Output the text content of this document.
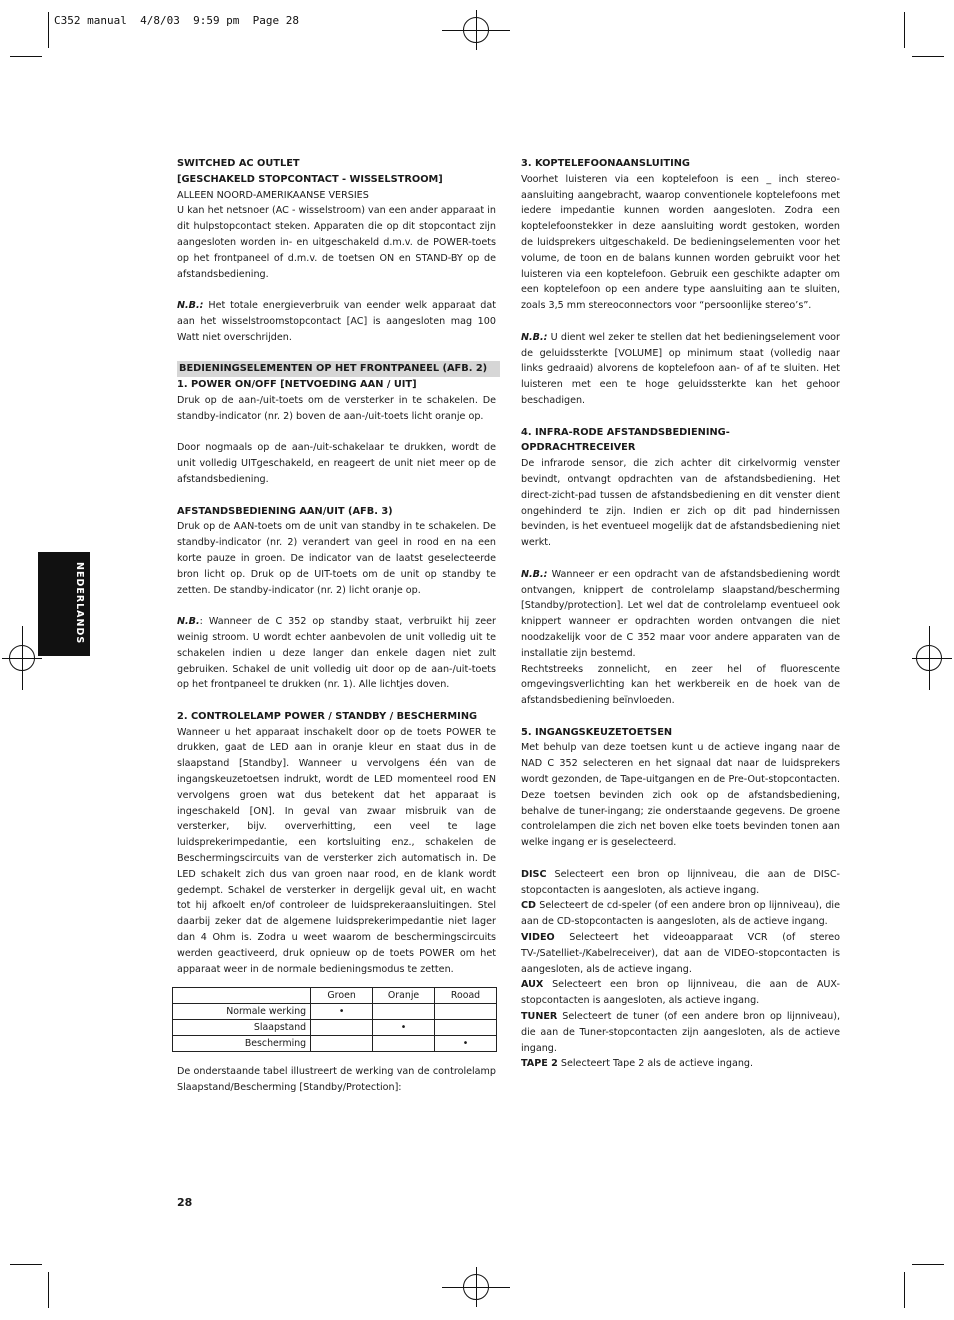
C352 manual  4/8/03  9:59 pm  Page 28
NEDERLANDS

SWITCHED AC OUTLET

[GESCHAKELD STOPCONTACT - WISSELSTROOM]

ALLEEN NOORD-AMERIKAANSE VERSIES

U kan het netsnoer (AC - wisselstroom) van een ander apparaat in dit hulpstopcontact steken. Apparaten die op dit stopcontact zijn aangesloten worden in- en uitgeschakeld d.m.v. de POWER-toets op het frontpaneel of d.m.v. de toetsen ON en STAND-BY op de afstandsbediening.

N.B.: Het totale energieverbruik van eender welk apparaat dat aan het wisselstroomstopcontact [AC] is aangesloten mag 100 Watt niet overschrijden.

BEDIENINGSELEMENTEN OP HET FRONTPANEEL (AFB. 2)

1. POWER ON/OFF [NETVOEDING AAN / UIT]

Druk op de aan-/uit-toets om de versterker in te schakelen. De standby-indicator (nr. 2) boven de aan-/uit-toets licht oranje op.

Door nogmaals op de aan-/uit-schakelaar te drukken, wordt de unit volledig UITgeschakeld, en reageert de unit niet meer op de afstandsbediening.

AFSTANDSBEDIENING AAN/UIT (AFB. 3)

Druk op de AAN-toets om de unit van standby in te schakelen. De standby-indicator (nr. 2) verandert van geel in rood en na een korte pauze in groen. De indicator van de laatst geselecteerde bron licht op. Druk op de UIT-toets om de unit op standby te zetten. De standby-indicator (nr. 2) licht oranje op.

N.B.: Wanneer de C 352 op standby staat, verbruikt hij zeer weinig stroom. U wordt echter aanbevolen de unit volledig uit te schakelen indien u deze langer dan enkele dagen niet zult gebruiken. Schakel de unit volledig uit door op de aan-/uit-toets op het frontpaneel te drukken (nr. 1). Alle lichtjes doven.

2. CONTROLELAMP POWER / STANDBY / BESCHERMING

Wanneer u het apparaat inschakelt door op de toets POWER te drukken, gaat de LED aan in oranje kleur en staat dus in de slaapstand [Standby]. Wanneer u vervolgens één van de ingangskeuzetoetsen indrukt, wordt de LED momenteel rood EN vervolgens groen wat dus betekent dat het apparaat is ingeschakeld [ON]. In geval van zwaar misbruik van de versterker, bijv. oververhitting, een veel te lage luidsprekerimpedantie, een kortsluiting enz., schakelen de Beschermingscircuits van de versterker zich automatisch in. De LED schakelt zich dus van groen naar rood, en de klank wordt gedempt. Schakel de versterker in dergelijk geval uit, en wacht tot hij afkoelt en/of controleer de luidsprekeraansluitingen. Stel daarbij zeker dat de algemene luidsprekerimpedantie niet lager dan 4 Ohm is. Zodra u weet waarom de beschermingscircuits werden geactiveerd, druk opnieuw op de toets POWER om het apparaat weer in de normale bedieningsmodus te zetten.

	Groen	Oranje	Rooad
Normale werking	•		
Slaapstand		•	
Bescherming			•

De onderstaande tabel illustreert de werking van de controlelamp Slaapstand/Bescherming [Standby/Protection]:

3. KOPTELEFOONAANSLUITING

Voorhet luisteren via een koptelefoon is een _ inch stereo-aansluiting aangebracht, waarop conventionele koptelefoons met iedere impedantie kunnen worden aangesloten. Zodra een koptelefoonstekker in deze aansluiting wordt gestoken, worden de luidsprekers uitgeschakeld. De bedieningselementen voor het volume, de toon en de balans kunnen worden gebruikt voor het luisteren via een koptelefoon. Gebruik een geschikte adapter om een koptelefoon op een andere type aansluiting aan te sluiten, zoals 3,5 mm stereoconnectors voor “persoonlijke stereo’s”.

N.B.: U dient wel zeker te stellen dat het bedieningselement voor de geluidssterkte [VOLUME] op minimum staat (volledig naar links gedraaid) alvorens de koptelefoon aan- of af te sluiten. Het luisteren met een te hoge geluidssterkte kan het gehoor beschadigen.

4. INFRA-RODE AFSTANDSBEDIENING-OPDRACHTRECEIVER

De infrarode sensor, die zich achter dit cirkelvormig venster bevindt, ontvangt opdrachten van de afstandsbediening. Het direct-zicht-pad tussen de afstandsbediening en dit venster dient ongehinderd te zijn. Indien er zich op dit pad hindernissen bevinden, is het eventueel mogelijk dat de afstandsbediening niet werkt.

N.B.: Wanneer er een opdracht van de afstandsbediening wordt ontvangen, knippert de controlelamp slaapstand/bescherming [Standby/protection]. Let wel dat de controlelamp eventueel ook knippert wanneer er opdrachten worden ontvangen die niet noodzakelijk voor de C 352 maar voor andere apparaten van de installatie zijn bestemd.

Rechtstreeks zonnelicht, en zeer hel of fluorescente omgevingsverlichting kan het werkbereik en de hoek van de afstandsbediening beïnvloeden.

5. INGANGSKEUZETOETSEN

Met behulp van deze toetsen kunt u de actieve ingang naar de NAD C 352 selecteren en het signaal dat naar de luidsprekers wordt gezonden, de Tape-uitgangen en de Pre-Out-stopcontacten. Deze toetsen bevinden zich ook op de afstandsbediening, behalve de tuner-ingang; zie onderstaande gegevens. De groene controlelampen die zich net boven elke toets bevinden tonen aan welke ingang er is geselecteerd.

DISC Selecteert een bron op lijnniveau, die aan de DISC-stopcontacten is aangesloten, als actieve ingang.

CD Selecteert de cd-speler (of een andere bron op lijnniveau), die aan de CD-stopcontacten is aangesloten, als de actieve ingang.

VIDEO Selecteert het videoapparaat VCR (of stereo TV-/Satelliet-/Kabelreceiver), dat aan de VIDEO-stopcontacten is aangesloten, als de actieve ingang.

AUX Selecteert een bron op lijnniveau, die aan de AUX-stopcontacten is aangesloten, als actieve ingang.

TUNER Selecteert de tuner (of een andere bron op lijnniveau), die aan de Tuner-stopcontacten zijn aangesloten, als de actieve ingang.

TAPE 2 Selecteert Tape 2 als de actieve ingang.

28
